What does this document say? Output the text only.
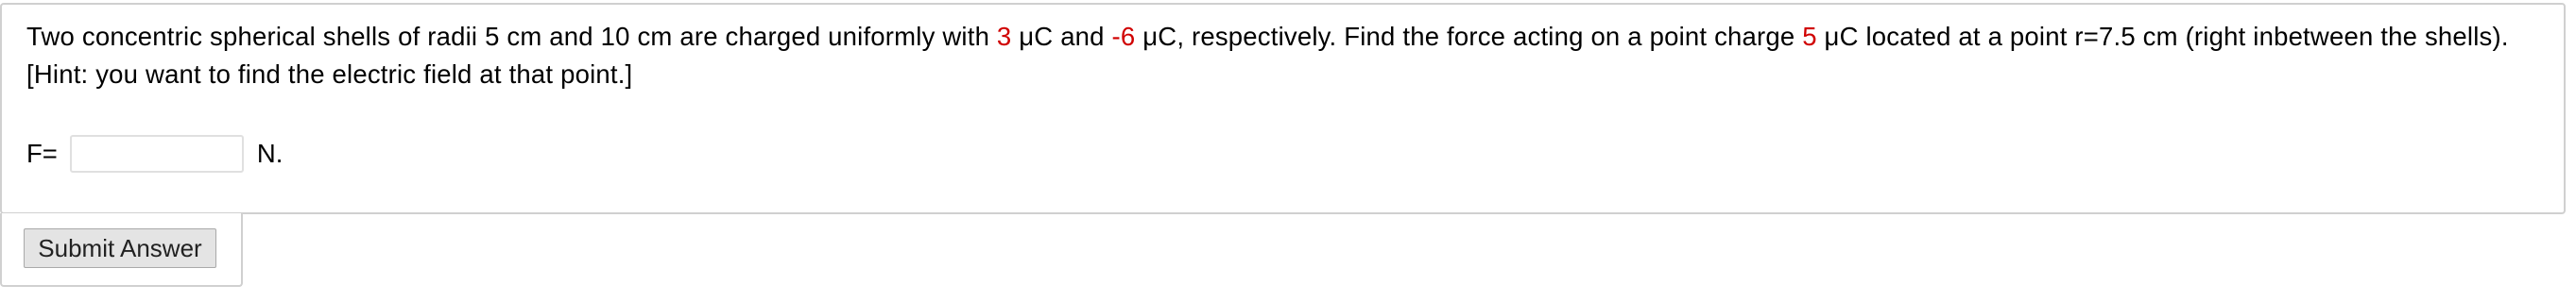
Two concentric spherical shells of radii 5 cm and 10 cm are charged uniformly with 3 μC and -6 μC, respectively. Find the force acting on a point charge 5 μC located at a point r=7.5 cm (right inbetween the shells). [Hint: you want to find the electric field at that point.]
F=	N.
Submit Answer
